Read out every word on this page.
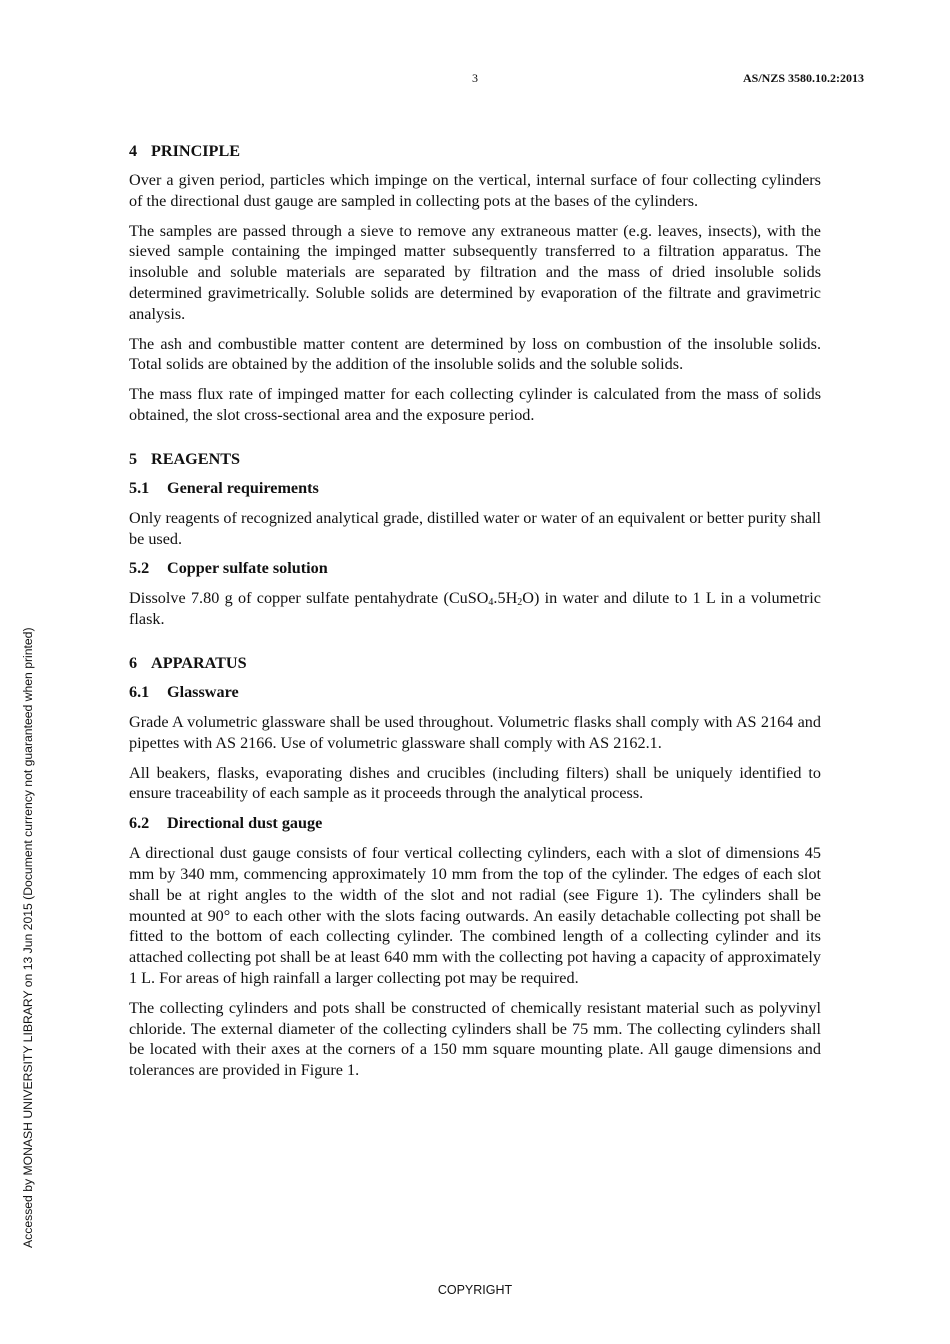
3	AS/NZS 3580.10.2:2013
4 PRINCIPLE

Over a given period, particles which impinge on the vertical, internal surface of four collecting cylinders of the directional dust gauge are sampled in collecting pots at the bases of the cylinders.

The samples are passed through a sieve to remove any extraneous matter (e.g. leaves, insects), with the sieved sample containing the impinged matter subsequently transferred to a filtration apparatus. The insoluble and soluble materials are separated by filtration and the mass of dried insoluble solids determined gravimetrically. Soluble solids are determined by evaporation of the filtrate and gravimetric analysis.

The ash and combustible matter content are determined by loss on combustion of the insoluble solids. Total solids are obtained by the addition of the insoluble solids and the soluble solids.

The mass flux rate of impinged matter for each collecting cylinder is calculated from the mass of solids obtained, the slot cross-sectional area and the exposure period.

5 REAGENTS
5.1 General requirements

Only reagents of recognized analytical grade, distilled water or water of an equivalent or better purity shall be used.

5.2 Copper sulfate solution

Dissolve 7.80 g of copper sulfate pentahydrate $(CuSO_4.5H_2O)$ in water and dilute to 1 L in a volumetric flask.

6 APPARATUS
6.1 Glassware

Grade A volumetric glassware shall be used throughout. Volumetric flasks shall comply with AS 2164 and pipettes with AS 2166. Use of volumetric glassware shall comply with AS 2162.1.

All beakers, flasks, evaporating dishes and crucibles (including filters) shall be uniquely identified to ensure traceability of each sample as it proceeds through the analytical process.

6.2 Directional dust gauge

A directional dust gauge consists of four vertical collecting cylinders, each with a slot of dimensions 45 mm by 340 mm, commencing approximately 10 mm from the top of the cylinder. The edges of each slot shall be at right angles to the width of the slot and not radial (see Figure 1). The cylinders shall be mounted at 90° to each other with the slots facing outwards. An easily detachable collecting pot shall be fitted to the bottom of each collecting cylinder. The combined length of a collecting cylinder and its attached collecting pot shall be at least 640 mm with the collecting pot having a capacity of approximately 1 L. For areas of high rainfall a larger collecting pot may be required.

The collecting cylinders and pots shall be constructed of chemically resistant material such as polyvinyl chloride. The external diameter of the collecting cylinders shall be 75 mm. The collecting cylinders shall be located with their axes at the corners of a 150 mm square mounting plate. All gauge dimensions and tolerances are provided in Figure 1.

Accessed by MONASH UNIVERSITY LIBRARY on 13 Jun 2015 (Document currency not guaranteed when printed)
COPYRIGHT
